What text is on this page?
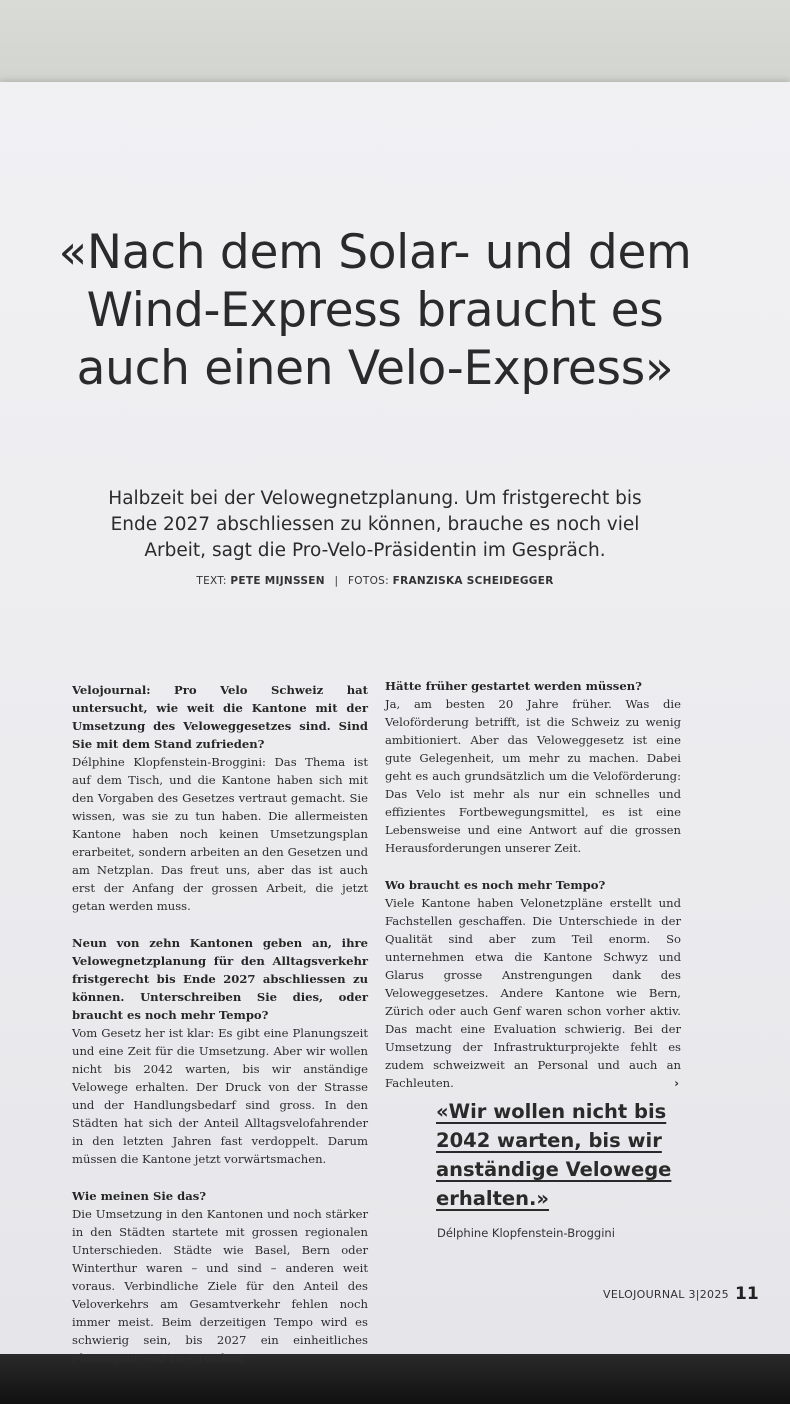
«Nach dem Solar- und dem Wind-Express braucht es auch einen Velo-Express»

Halbzeit bei der Velowegnetzplanung. Um fristgerecht bis Ende 2027 abschliessen zu können, brauche es noch viel Arbeit, sagt die Pro-Velo-Präsidentin im Gespräch.

TEXT: PETE MIJNSSEN | FOTOS: FRANZISKA SCHEIDEGGER

Velojournal: Pro Velo Schweiz hat untersucht, wie weit die Kantone mit der Umsetzung des Veloweggesetzes sind. Sind Sie mit dem Stand zufrieden?

Délphine Klopfenstein-Broggini: Das Thema ist auf dem Tisch, und die Kantone haben sich mit den Vorgaben des Gesetzes vertraut gemacht. Sie wissen, was sie zu tun haben. Die allermeisten Kantone haben noch keinen Umsetzungsplan erarbeitet, sondern arbeiten an den Gesetzen und am Netzplan. Das freut uns, aber das ist auch erst der Anfang der grossen Arbeit, die jetzt getan werden muss.

Neun von zehn Kantonen geben an, ihre Velowegnetzplanung für den Alltagsverkehr fristgerecht bis Ende 2027 abschliessen zu können. Unterschreiben Sie dies, oder braucht es noch mehr Tempo?

Vom Gesetz her ist klar: Es gibt eine Planungszeit und eine Zeit für die Umsetzung. Aber wir wollen nicht bis 2042 warten, bis wir anständige Velowege erhalten. Der Druck von der Strasse und der Handlungsbedarf sind gross. In den Städten hat sich der Anteil Alltagsvelofahrender in den letzten Jahren fast verdoppelt. Darum müssen die Kantone jetzt vorwärtsmachen.

Wie meinen Sie das?

Die Umsetzung in den Kantonen und noch stärker in den Städten startete mit grossen regionalen Unterschieden. Städte wie Basel, Bern oder Winterthur waren – und sind – anderen weit voraus. Verbindliche Ziele für den Anteil des Veloverkehrs am Gesamtverkehr fehlen noch immer meist. Beim derzeitigen Tempo wird es schwierig sein, bis 2027 ein einheitliches Planungsniveau zu erreichen.

Hätte früher gestartet werden müssen?

Ja, am besten 20 Jahre früher. Was die Veloförderung betrifft, ist die Schweiz zu wenig ambitioniert. Aber das Veloweggesetz ist eine gute Gelegenheit, um mehr zu machen. Dabei geht es auch grundsätzlich um die Veloförderung: Das Velo ist mehr als nur ein schnelles und effizientes Fortbewegungsmittel, es ist eine Lebensweise und eine Antwort auf die grossen Herausforderungen unserer Zeit.

Wo braucht es noch mehr Tempo?

Viele Kantone haben Velonetzpläne erstellt und Fachstellen geschaffen. Die Unterschiede in der Qualität sind aber zum Teil enorm. So unternehmen etwa die Kantone Schwyz und Glarus grosse Anstrengungen dank des Veloweggesetzes. Andere Kantone wie Bern, Zürich oder auch Genf waren schon vorher aktiv. Das macht eine Evaluation schwierig. Bei der Umsetzung der Infrastrukturprojekte fehlt es zudem schweizweit an Personal und auch an Fachleuten.	›

«Wir wollen nicht bis 2042 warten, bis wir anständige Velowege erhalten.»

Délphine Klopfenstein-Broggini
VELOJOURNAL 3|2025 11
